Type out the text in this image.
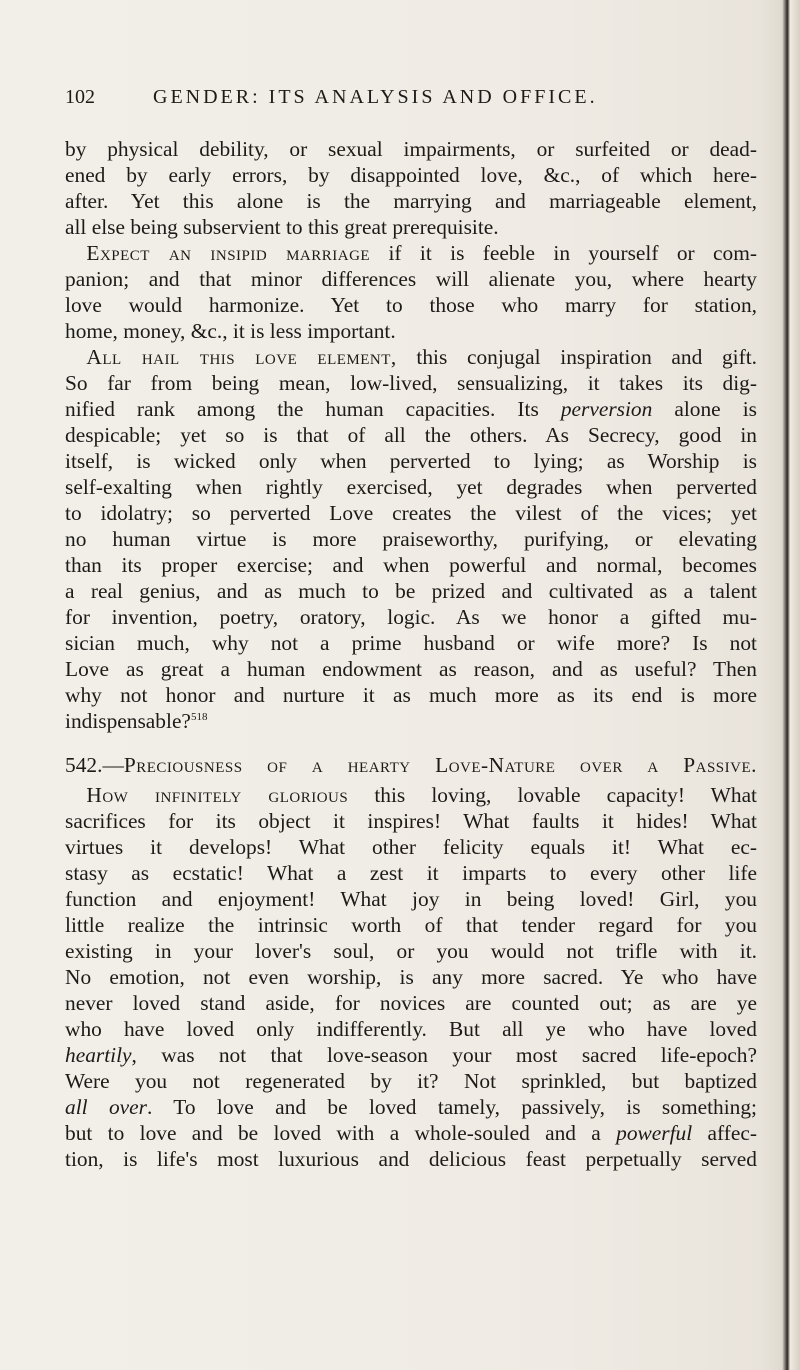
102	GENDER: ITS ANALYSIS AND OFFICE.
by physical debility, or sexual impairments, or surfeited or dead-
ened by early errors, by disappointed love, &c., of which here-
after. Yet this alone is the marrying and marriageable element,
all else being subservient to this great prerequisite.
 Expect an insipid marriage if it is feeble in yourself or com-
panion; and that minor differences will alienate you, where hearty
love would harmonize. Yet to those who marry for station,
home, money, &c., it is less important.
 All hail this love element, this conjugal inspiration and gift.
So far from being mean, low-lived, sensualizing, it takes its dig-
nified rank among the human capacities. Its perversion alone is
despicable; yet so is that of all the others. As Secrecy, good in
itself, is wicked only when perverted to lying; as Worship is
self-exalting when rightly exercised, yet degrades when perverted
to idolatry; so perverted Love creates the vilest of the vices; yet
no human virtue is more praiseworthy, purifying, or elevating
than its proper exercise; and when powerful and normal, becomes
a real genius, and as much to be prized and cultivated as a talent
for invention, poetry, oratory, logic. As we honor a gifted mu-
sician much, why not a prime husband or wife more? Is not
Love as great a human endowment as reason, and as useful? Then
why not honor and nurture it as much more as its end is more
indispensable?$^{518}$
542.—Preciousness of a hearty Love-Nature over a Passive.
 How infinitely glorious this loving, lovable capacity! What
sacrifices for its object it inspires! What faults it hides! What
virtues it develops! What other felicity equals it! What ec-
stasy as ecstatic! What a zest it imparts to every other life
function and enjoyment! What joy in being loved! Girl, you
little realize the intrinsic worth of that tender regard for you
existing in your lover's soul, or you would not trifle with it.
No emotion, not even worship, is any more sacred. Ye who have
never loved stand aside, for novices are counted out; as are ye
who have loved only indifferently. But all ye who have loved
heartily, was not that love-season your most sacred life-epoch?
Were you not regenerated by it? Not sprinkled, but baptized
all over. To love and be loved tamely, passively, is something;
but to love and be loved with a whole-souled and a powerful affec-
tion, is life's most luxurious and delicious feast perpetually served
